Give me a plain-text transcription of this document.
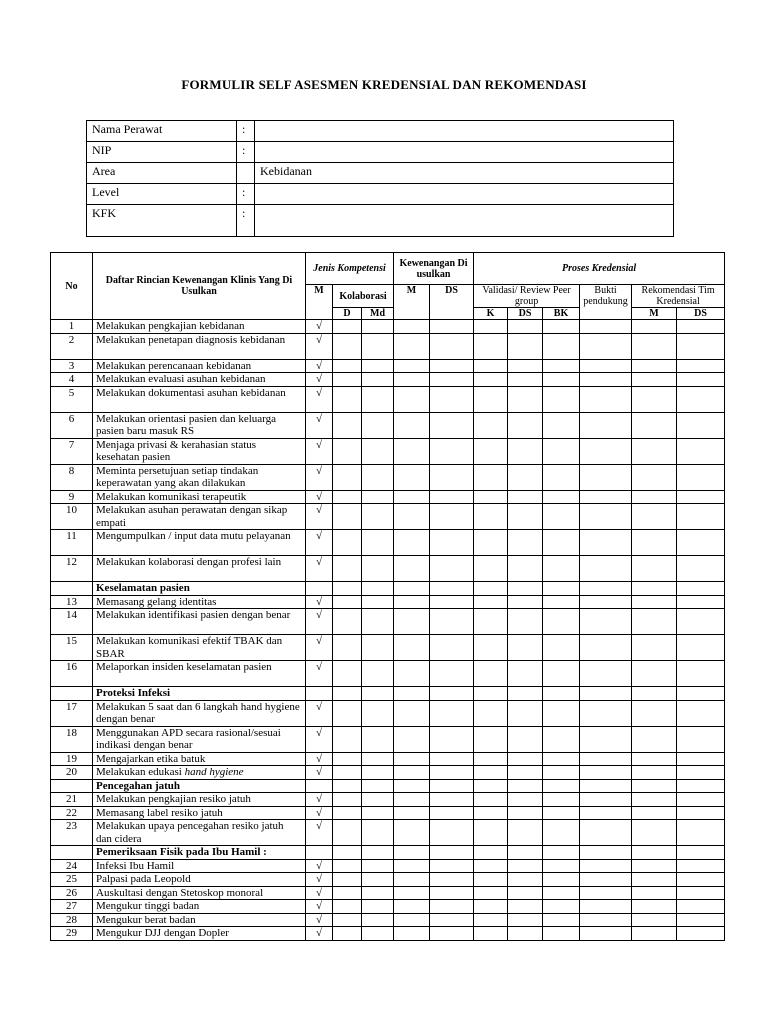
FORMULIR SELF ASESMEN KREDENSIAL DAN REKOMENDASI
Nama Perawat	:	
NIP	:	
Area		Kebidanan
Level	:	
KFK	:	
No	Daftar Rincian Kewenangan Klinis Yang Di Usulkan	Jenis Kompetensi			Kewenangan Di usulkan		Proses Kredensial					
		M	Kolaborasi		M	DS	Validasi/ Review Peer group			Bukti pendukung	Rekomendasi Tim Kredensial	
			D	Md			K	DS	BK		M	DS
1	Melakukan pengkajian kebidanan	√										
2	Melakukan penetapan diagnosis kebidanan	√										
3	Melakukan perencanaan kebidanan	√										
4	Melakukan evaluasi asuhan kebidanan	√										
5	Melakukan dokumentasi asuhan kebidanan	√										
6	Melakukan orientasi pasien dan keluarga pasien baru masuk RS	√										
7	Menjaga privasi & kerahasian status kesehatan pasien	√										
8	Meminta persetujuan setiap tindakan keperawatan yang akan dilakukan	√										
9	Melakukan komunikasi terapeutik	√										
10	Melakukan asuhan perawatan dengan sikap empati	√										
11	Mengumpulkan / input data mutu pelayanan	√										
12	Melakukan kolaborasi dengan profesi lain	√										
	Keselamatan pasien											
13	Memasang gelang identitas	√										
14	Melakukan identifikasi pasien dengan benar	√										
15	Melakukan komunikasi efektif TBAK dan SBAR	√										
16	Melaporkan insiden keselamatan pasien	√										
	Proteksi Infeksi											
17	Melakukan 5 saat dan 6 langkah hand hygiene dengan benar	√										
18	Menggunakan APD secara rasional/sesuai indikasi dengan benar	√										
19	Mengajarkan etika batuk	√										
20	Melakukan edukasi hand hygiene	√										
	Pencegahan jatuh											
21	Melakukan pengkajian resiko jatuh	√										
22	Memasang label resiko jatuh	√										
23	Melakukan upaya pencegahan resiko jatuh dan cidera	√										
	Pemeriksaan Fisik pada Ibu Hamil :											
24	Infeksi Ibu Hamil	√										
25	Palpasi pada Leopold	√										
26	Auskultasi dengan Stetoskop monoral	√										
27	Mengukur tinggi badan	√										
28	Mengukur berat badan	√										
29	Mengukur DJJ dengan Dopler	√										
